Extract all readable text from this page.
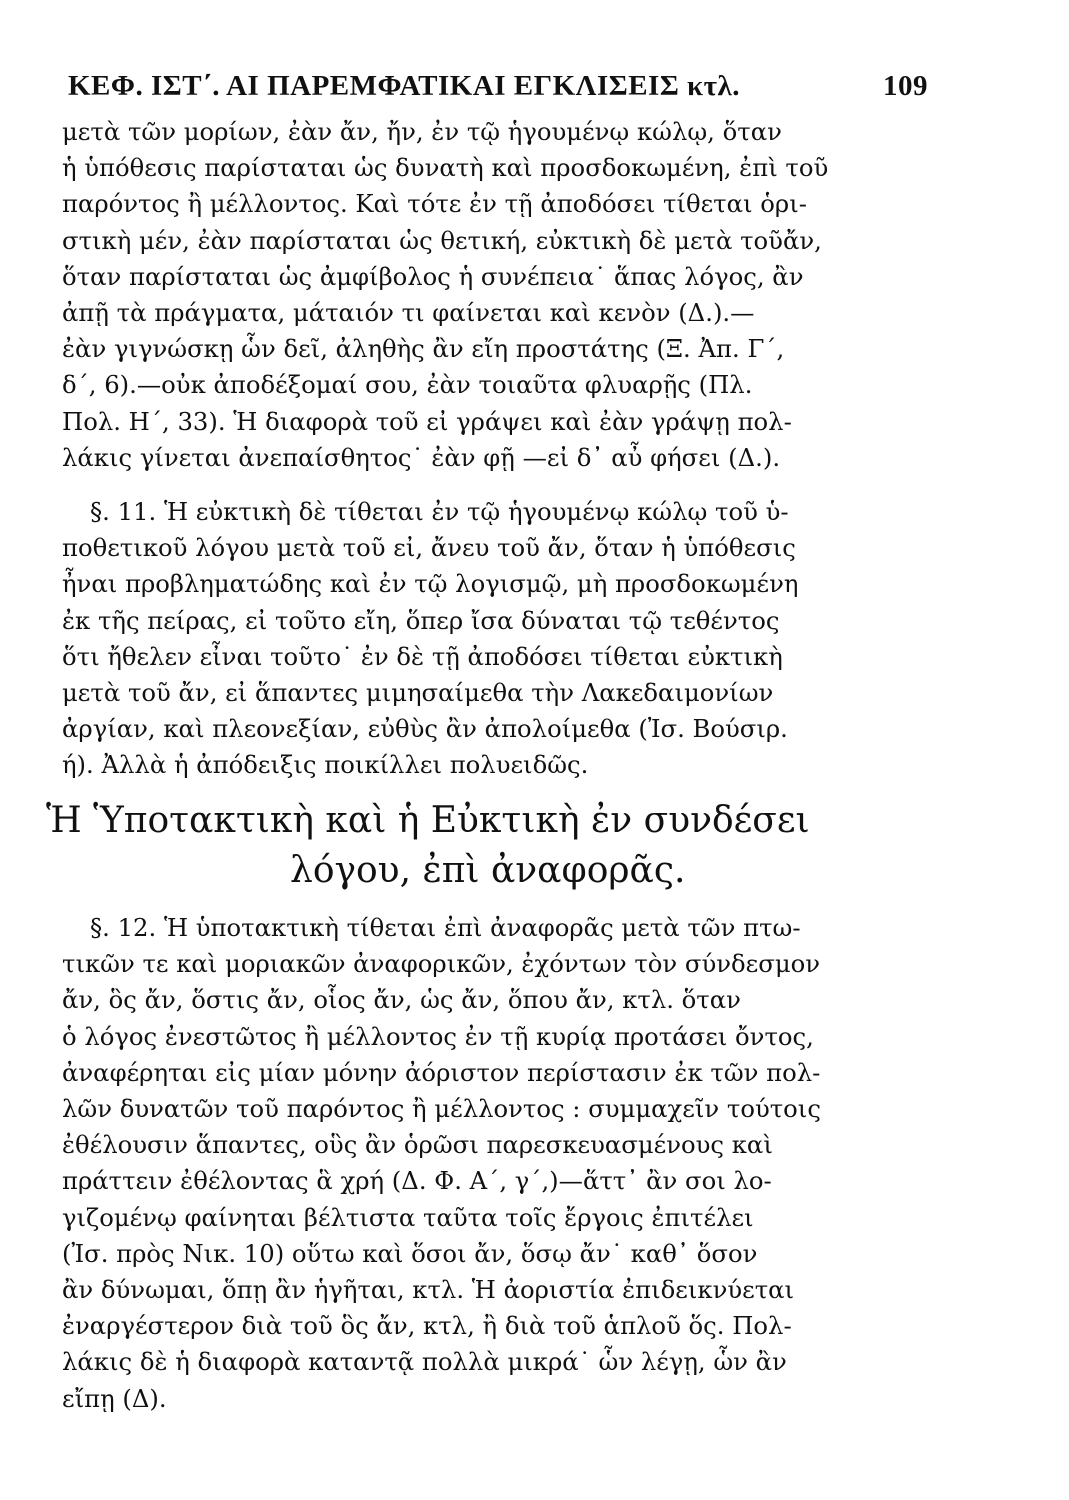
ΚΕΦ. ΙΣΤ΄. ΑΙ ΠΑΡΕΜΦΑΤΙΚΑΙ ΕΓΚΛΙΣΕΙΣ κτλ.	109
μετὰ τῶν μορίων, ἐὰν ἄν, ἤν, ἐν τῷ ἡγουμένῳ κώλῳ, ὅταν
ἡ ὑπόθεσις παρίσταται ὡς δυνατὴ καὶ προσδοκωμένη, ἐπὶ τοῦ
παρόντος ἢ μέλλοντος. Καὶ τότε ἐν τῇ ἀποδόσει τίθεται ὁρι-
στικὴ μέν, ἐὰν παρίσταται ὡς θετική, εὐκτικὴ δὲ μετὰ τοῦἄν,
ὅταν παρίσταται ὡς ἀμφίβολος ἡ συνέπεια˙ ἅπας λόγος, ἂν
ἀπῇ τὰ πράγματα, μάταιόν τι φαίνεται καὶ κενὸν (Δ.).—
ἐὰν γιγνώσκῃ ὧν δεῖ, ἀληθὴς ἂν εἴη προστάτης (Ξ. Ἀπ. Γ΄,
δ΄, 6).—οὐκ ἀποδέξομαί σου, ἐὰν τοιαῦτα φλυαρῇς (Πλ.
Πολ. Η΄, 33). Ἡ διαφορὰ τοῦ εἰ γράψει καὶ ἐὰν γράψῃ πολ-
λάκις γίνεται ἀνεπαίσθητος˙ ἐὰν φῇ —εἰ δ᾽ αὖ φήσει (Δ.).
§. 11. Ἡ εὐκτικὴ δὲ τίθεται ἐν τῷ ἡγουμένῳ κώλῳ τοῦ ὑ-
ποθετικοῦ λόγου μετὰ τοῦ εἰ, ἄνευ τοῦ ἄν, ὅταν ἡ ὑπόθεσις
ἦναι προβληματώδης καὶ ἐν τῷ λογισμῷ, μὴ προσδοκωμένη
ἐκ τῆς πείρας, εἰ τοῦτο εἴη, ὅπερ ἴσα δύναται τῷ τεθέντος
ὅτι ἤθελεν εἶναι τοῦτο˙ ἐν δὲ τῇ ἀποδόσει τίθεται εὐκτικὴ
μετὰ τοῦ ἄν, εἰ ἅπαντες μιμησαίμεθα τὴν Λακεδαιμονίων
ἀργίαν, καὶ πλεονεξίαν, εὐθὺς ἂν ἀπολοίμεθα (Ἰσ. Βούσιρ.
ή). Ἀλλὰ ἡ ἀπόδειξις ποικίλλει πολυειδῶς.
Ἡ Ὑποτακτικὴ καὶ ἡ Εὐκτικὴ ἐν συνδέσει
λόγου, ἐπὶ ἀναφορᾶς.
§. 12. Ἡ ὑποτακτικὴ τίθεται ἐπὶ ἀναφορᾶς μετὰ τῶν πτω-
τικῶν τε καὶ μοριακῶν ἀναφορικῶν, ἐχόντων τὸν σύνδεσμον
ἄν, ὃς ἄν, ὅστις ἄν, οἷος ἄν, ὡς ἄν, ὅπου ἄν, κτλ. ὅταν
ὁ λόγος ἐνεστῶτος ἢ μέλλοντος ἐν τῇ κυρίᾳ προτάσει ὄντος,
ἀναφέρηται εἰς μίαν μόνην ἀόριστον περίστασιν ἐκ τῶν πολ-
λῶν δυνατῶν τοῦ παρόντος ἢ μέλλοντος : συμμαχεῖν τούτοις
ἐθέλουσιν ἅπαντες, οὓς ἂν ὁρῶσι παρεσκευασμένους καὶ
πράττειν ἐθέλοντας ἃ χρή (Δ. Φ. Α΄, γ΄,)—ἅττ᾽ ἂν σοι λο-
γιζομένῳ φαίνηται βέλτιστα ταῦτα τοῖς ἔργοις ἐπιτέλει
(Ἰσ. πρὸς Νικ. 10) οὕτω καὶ ὅσοι ἄν, ὅσῳ ἄν˙ καθ᾽ ὅσον
ἂν δύνωμαι, ὅπῃ ἂν ἡγῆται, κτλ. Ἡ ἀοριστία ἐπιδεικνύεται
ἐναργέστερον διὰ τοῦ ὃς ἄν, κτλ, ἢ διὰ τοῦ ἁπλοῦ ὅς. Πολ-
λάκις δὲ ἡ διαφορὰ καταντᾷ πολλὰ μικρά˙ ὧν λέγῃ, ὧν ἂν
εἴπῃ (Δ).
